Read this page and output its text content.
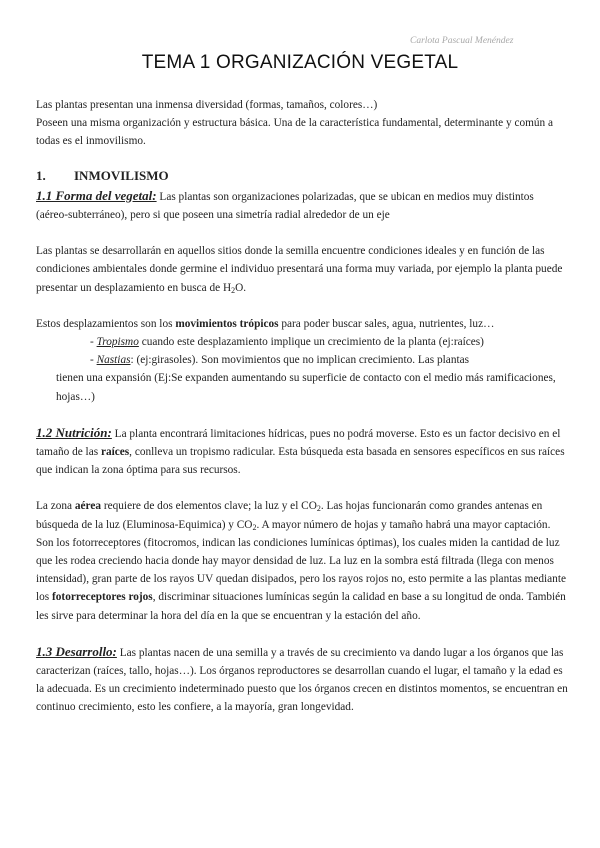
Carlota Pascual Menéndez
TEMA 1 ORGANIZACIÓN VEGETAL

Las plantas presentan una inmensa diversidad (formas, tamaños, colores…)

Poseen una misma organización y estructura básica. Una de la característica fundamental, determinante y común a todas es el inmovilismo.

1. INMOVILISMO

1.1 Forma del vegetal: Las plantas son organizaciones polarizadas, que se ubican en medios muy distintos (aéreo-subterráneo), pero si que poseen una simetría radial alrededor de un eje

Las plantas se desarrollarán en aquellos sitios donde la semilla encuentre condiciones ideales y en función de las condiciones ambientales donde germine el individuo presentará una forma muy variada, por ejemplo la planta puede presentar un desplazamiento en busca de $H_2O$.

Estos desplazamientos son los movimientos trópicos para poder buscar sales, agua, nutrientes, luz…

- Tropismo cuando este desplazamiento implique un crecimiento de la planta (ej:raíces)

- Nastias: (ej:girasoles). Son movimientos que no implican crecimiento. Las plantas

tienen una expansión (Ej:Se expanden aumentando su superficie de contacto con el medio más ramificaciones, hojas…)

1.2 Nutrición: La planta encontrará limitaciones hídricas, pues no podrá moverse. Esto es un factor decisivo en el tamaño de las raíces, conlleva un tropismo radicular. Esta búsqueda esta basada en sensores específicos en sus raíces que indican la zona óptima para sus recursos.

La zona aérea requiere de dos elementos clave; la luz y el $CO_2$. Las hojas funcionarán como grandes antenas en búsqueda de la luz (Eluminosa-Equimica) y $CO_2$. A mayor número de hojas y tamaño habrá una mayor captación. Son los fotorreceptores (fitocromos, indican las condiciones lumínicas óptimas), los cuales miden la cantidad de luz que les rodea creciendo hacia donde hay mayor densidad de luz. La luz en la sombra está filtrada (llega con menos intensidad), gran parte de los rayos UV quedan disipados, pero los rayos rojos no, esto permite a las plantas mediante los fotorreceptores rojos, discriminar situaciones lumínicas según la calidad en base a su longitud de onda. También les sirve para determinar la hora del día en la que se encuentran y la estación del año.

1.3 Desarrollo: Las plantas nacen de una semilla y a través de su crecimiento va dando lugar a los órganos que las caracterizan (raíces, tallo, hojas…). Los órganos reproductores se desarrollan cuando el lugar, el tamaño y la edad es la adecuada. Es un crecimiento indeterminado puesto que los órganos crecen en distintos momentos, se encuentran en continuo crecimiento, esto les confiere, a la mayoría, gran longevidad.
